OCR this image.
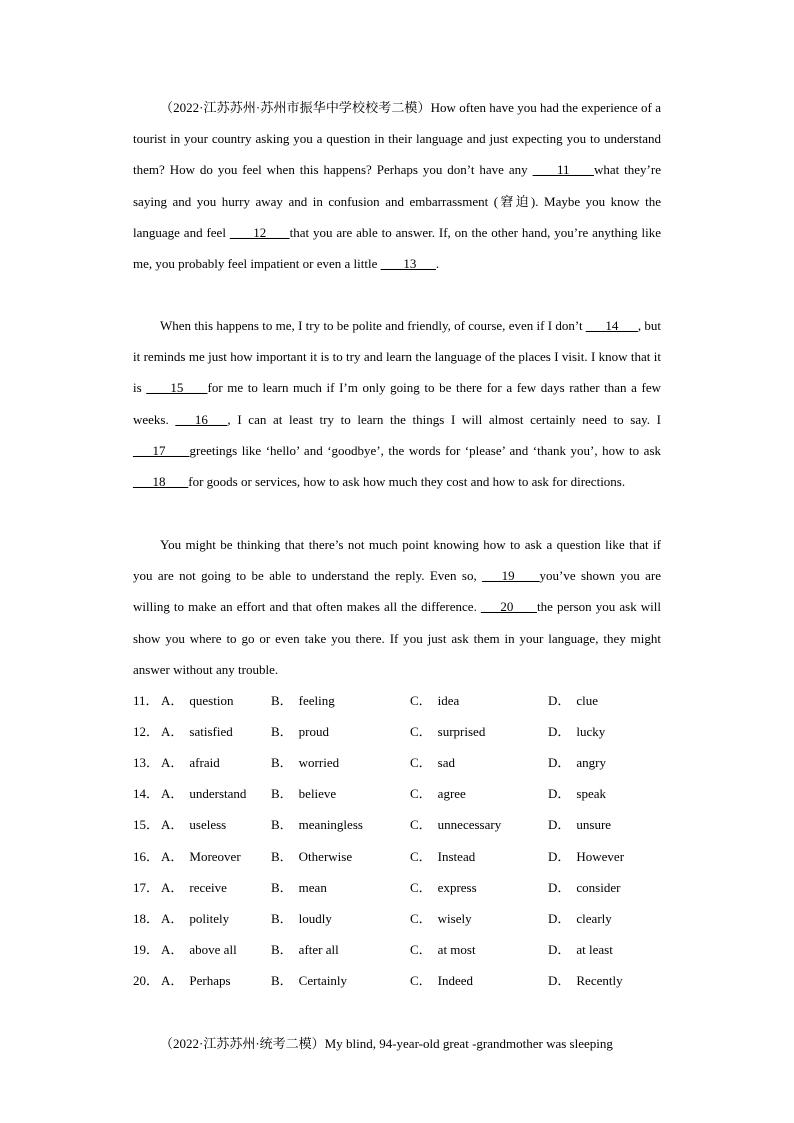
（2022·江苏苏州·苏州市振华中学校校考二模）How often have you had the experience of a tourist in your country asking you a question in their language and just expecting you to understand them? How do you feel when this happens? Perhaps you don’t have any  ___11___ what they’re saying and you hurry away and in confusion and embarrassment (窘迫). Maybe you know the language and feel  ___12___ that you are able to answer. If, on the other hand, you’re anything like me, you probably feel impatient or even a little  ___13___.
When this happens to me, I try to be polite and friendly, of course, even if I don’t ___14___, but it reminds me just how important it is to try and learn the language of the places I visit. I know that it is  ___15___ for me to learn much if I’m only going to be there for a few days rather than a few weeks. ___16___, I can at least try to learn the things I will almost certainly need to say. I ___17___ greetings like ‘hello’ and ‘goodbye’, the words for ‘please’ and ‘thank you’, how to ask ___18___ for goods or services, how to ask how much they cost and how to ask for directions.
You might be thinking that there’s not much point knowing how to ask a question like that if you are not going to be able to understand the reply. Even so, ___19___ you’ve shown you are willing to make an effort and that often makes all the difference. ___20___ the person you ask will show you where to go or even take you there. If you just ask them in your language, they might answer without any trouble.
11． A． question	B． feeling	C． idea	D． clue
12． A． satisfied	B． proud	C． surprised	D． lucky
13． A． afraid	B． worried	C． sad	D． angry
14． A． understand B． believe	C． agree	D． speak
15． A． useless	B． meaningless	C． unnecessary	D． unsure
16． A． Moreover B． Otherwise	C． Instead	D． However
17． A． receive	B． mean	C． express	D． consider
18． A． politely	B． loudly	C． wisely	D． clearly
19． A． above all	B． after all	C． at most	D． at least
20． A． Perhaps	B． Certainly	C． Indeed	D． Recently
（2022·江苏苏州·统考二模）My blind, 94-year-old great -grandmother was sleeping
